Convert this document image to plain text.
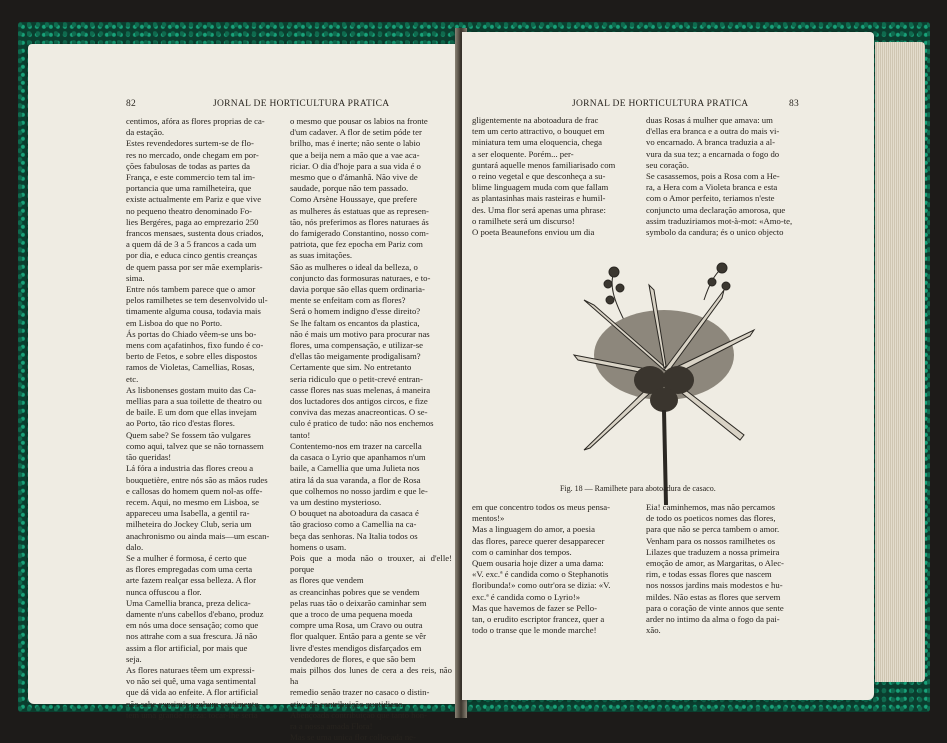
82	JORNAL DE HORTICULTURA PRATICA
centimos, afóra as flores proprias de ca-
da estação.
Estes revendedores surtem-se de flo-
res no mercado, onde chegam em por-
ções fabulosas de todas as partes da
França, e este commercio tem tal im-
portancia que uma ramilheteira, que
existe actualmente em Pariz e que vive
no pequeno theatro denominado Fo-
lies Bergéres, paga ao emprezario 250
francos mensaes, sustenta dous criados,
a quem dá de 3 a 5 francos a cada um
por dia, e educa cinco gentis creanças
de quem passa por ser mãe exemplaris-
sima.
Entre nós tambem parece que o amor
pelos ramilhetes se tem desenvolvido ul-
timamente alguma cousa, todavia mais
em Lisboa do que no Porto.
Ás portas do Chiado vêem-se uns bo-
mens com açafatinhos, fixo fundo é co-
berto de Fetos, e sobre elles dispostos
ramos de Violetas, Camellias, Rosas,
etc.
As lisbonenses gostam muito das Ca-
mellias para a sua toilette de theatro ou
de baile. E um dom que ellas invejam
ao Porto, tão rico d'estas flores.
Quem sabe? Se fossem tão vulgares
como aqui, talvez que se não tornassem
tão queridas!
Lá fóra a industria das flores creou a
bouquetière, entre nós são as mãos rudes
e callosas do homem quem nol-as offe-
recem. Aqui, no mesmo em Lisboa, se
appareceu uma Isabella, a gentil ra-
milheteira do Jockey Club, seria um
anachronismo ou ainda mais—um escan-
dalo.
Se a mulher é formosa, é certo que
as flores empregadas com uma certa
arte fazem realçar essa belleza. A flor
nunca offuscou a flor.
Uma Camellia branca, preza delica-
damente n'uns cabellos d'ebano, produz
em nós uma doce sensação; como que
nos attrahe com a sua frescura. Já não
assim a flor artificial, por mais que
seja.
As flores naturaes têem um expressi-
vo não sei quê, uma vaga sentimental
que dá vida ao enfeite. A flor artificial
não sabe exprimir nenhum sentimento,
tem uma grande frieza: tocar-lhe seria
o mesmo que pousar os labios na fronte
d'um cadaver. A flor de setim póde ter
brilho, mas é inerte; não sente o labio
que a beija nem a mão que a vae aca-
riciar. O dia d'hoje para a sua vida é o
mesmo que o d'ámanhã. Não vive de
saudade, porque não tem passado.
Como Arsène Houssaye, que prefere
as mulheres ás estatuas que as represen-
tão, nós preferimos as flores naturaes ás
do famigerado Constantino, nosso com-
patriota, que fez epocha em Pariz com
as suas imitações.
São as mulheres o ideal da belleza, o
conjuncto das formosuras naturaes, e to-
davia porque são ellas quem ordinaria-
mente se enfeitam com as flores?
Será o homem indigno d'esse direito?
Se lhe faltam os encantos da plastica,
não é mais um motivo para procurar nas
flores, uma compensação, e utilizar-se
d'ellas tão meigamente prodigalisam?
Certamente que sim. No entretanto
seria ridiculo que o petit-crevé entran-
casse flores nas suas melenas, á maneira
dos luctadores dos antigos circos, e fize
conviva das mezas anacreonticas. O se-
culo é pratico de tudo: não nos enchemos
tanto!
Contentemo-nos em trazer na carcella
da casaca o Lyrio que apanhamos n'um
baile, a Camellia que uma Julieta nos
atira lá da sua varanda, a flor de Rosa
que colhemos no nosso jardim e que le-
va um destino mysterioso.
O bouquet na abotoadura da casaca é
tão gracioso como a Camellia na ca-
beça das senhoras. Na Italia todos os
homens o usam.
Pois que a moda não o trouxer, ai d'elle! porque
as flores que vendem
as creancinhas pobres que se vendem
pelas ruas tão o deixarão caminhar sem
que a troco de uma pequena moeda
compre uma Rosa, um Cravo ou outra
flor qualquer. Então para a gente se vêr
livre d'estes mendigos disfarçados em
vendedores de flores, e que são bem
mais pilhos dos lunes de cera a des reis, não ha
remedio senão trazer no casaco o distin-
ctivo da contribuição quotidiana.
Abençoada contribuição que tanto hon-
ra a nossa amada Flora!
Mas se uma unica flor collocada ne-
JORNAL DE HORTICULTURA PRATICA	83
gligentemente na abotoadura de frac
tem um certo attractivo, o bouquet em
miniatura tem uma eloquencia, chega
a ser eloquente. Porém... per-
guntará aquelle menos familiarisado com
o reino vegetal e que desconheça a su-
blime linguagem muda com que fallam
as plantasinhas mais rasteiras e humil-
des. Uma flor será apenas uma phrase:
o ramilhete será um discurso!
O poeta Beaunefons enviou um dia
duas Rosas á mulher que amava: um
d'ellas era branca e a outra do mais vi-
vo encarnado. A branca traduzia a al-
vura da sua tez; a encarnada o fogo do
seu coração.
Se casassemos, pois a Rosa com a He-
ra, a Hera com a Violeta branca e esta
com o Amor perfeito, teriamos n'este
conjuncto uma declaração amorosa, que
assim traduziriamos mot-à-mot: «Amo-te,
symbolo da candura; és o unico objecto
Fig. 18 — Ramilhete para abotoadura de casaco.
em que concentro todos os meus pensa-
mentos!»
Mas a linguagem do amor, a poesia
das flores, parece querer desapparecer
com o caminhar dos tempos.
Quem ousaria hoje dizer a uma dama:
«V. exc.ª é candida como o Stephanotis
floribunda!» como outr'ora se dizia: «V.
exc.ª é candida como o Lyrio!»
Mas que havemos de fazer se Pello-
tan, o erudito escriptor francez, quer a
todo o transe que le monde marche!
Eia! caminhemos, mas não percamos
de todo os poeticos nomes das flores,
para que não se perca tambem o amor.
Venham para os nossos ramilhetes os
Lilazes que traduzem a nossa primeira
emoção de amor, as Margaritas, o Alec-
rim, e todas essas flores que nascem
nos nossos jardins mais modestos e hu-
mildes. Não estas as flores que servem
para o coração de vinte annos que sente
arder no intimo da alma o fogo da pai-
xão.
